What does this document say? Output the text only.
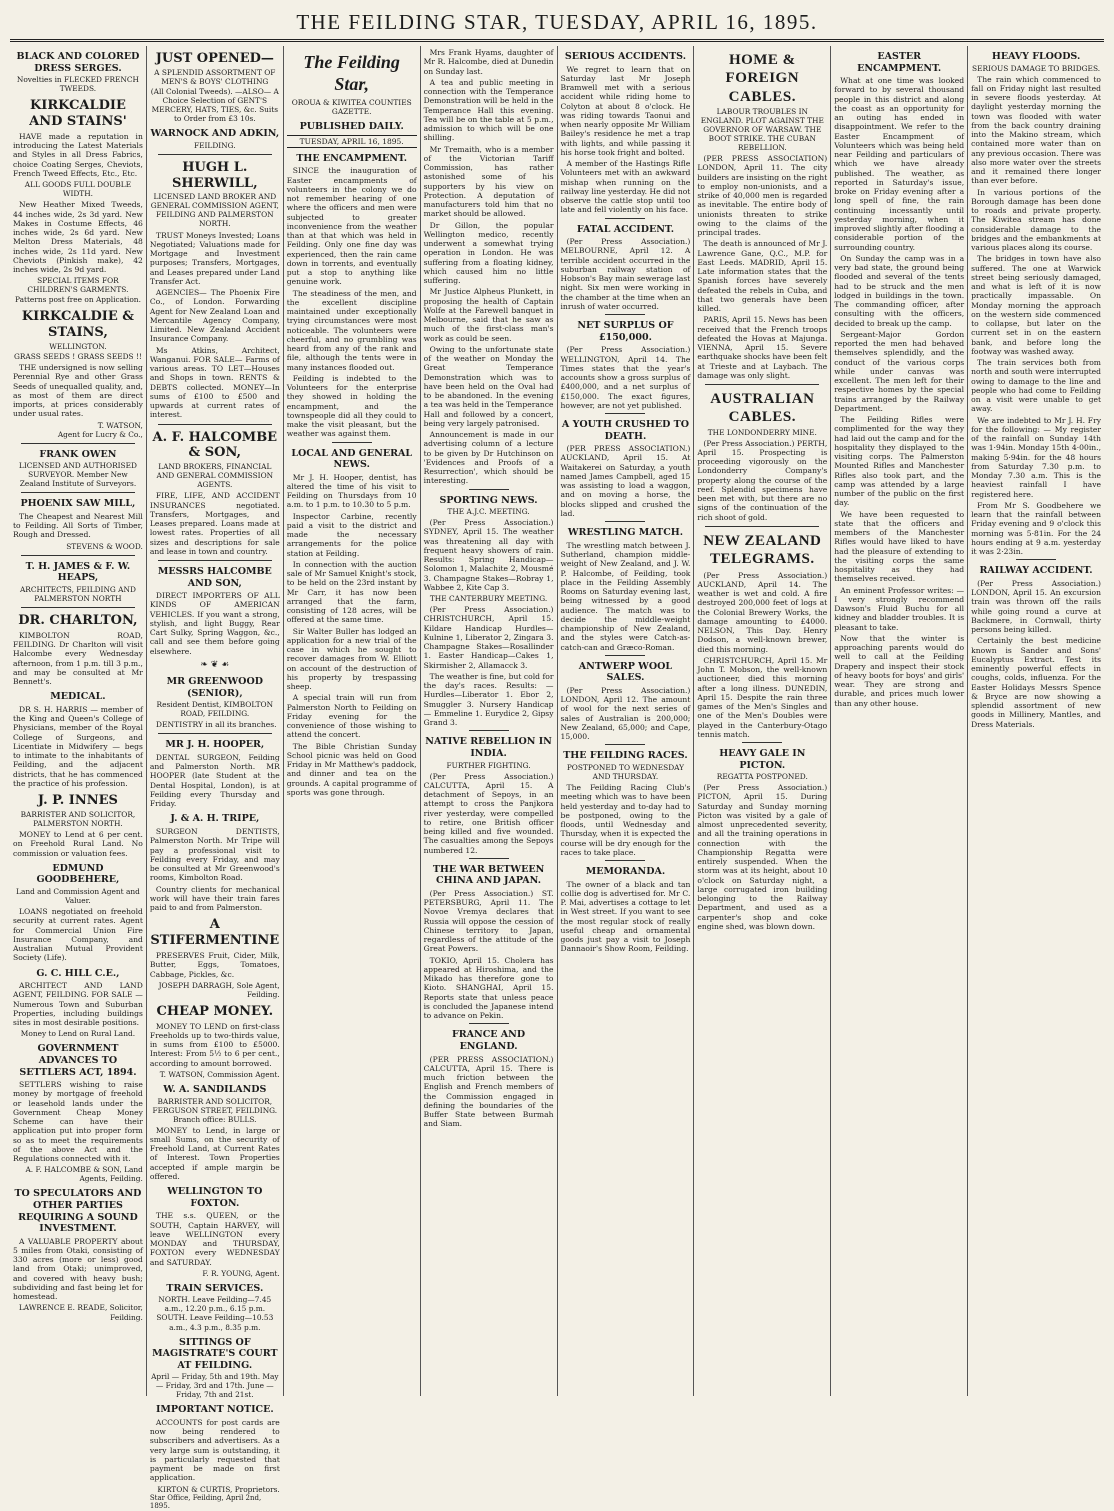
THE FEILDING STAR, TUESDAY, APRIL 16, 1895.
BLACK AND COLORED DRESS SERGES.
Novelties in FLECKED FRENCH TWEEDS.
KIRKCALDIE AND STAINS'

HAVE made a reputation in introducing the Latest Materials and Styles in all Dress Fabrics, choice Coating Serges, Cheviots, French Tweed Effects, Etc., Etc.

ALL GOODS FULL DOUBLE WIDTH.

New Heather Mixed Tweeds, 44 inches wide, 2s 3d yard. New Makes in Costume Effects, 46 inches wide, 2s 6d yard. New Melton Dress Materials, 48 inches wide, 2s 11d yard. New Cheviots (Pinkish make), 42 inches wide, 2s 9d yard.

SPECIAL ITEMS FOR CHILDREN'S GARMENTS.
Patterns post free on Application.
KIRKCALDIE & STAINS,
WELLINGTON.
GRASS SEEDS ! GRASS SEEDS !!

THE undersigned is now selling Perennial Rye and other Grass Seeds of unequalled quality, and, as most of them are direct imports, at prices considerably under usual rates.

T. WATSON,
Agent for Lucry & Co.,
FRANK OWEN
LICENSED AND AUTHORISED SURVEYOR. Member New Zealand Institute of Surveyors.
PHOENIX SAW MILL,

The Cheapest and Nearest Mill to Feilding. All Sorts of Timber, Rough and Dressed.

STEVENS & WOOD.
T. H. JAMES & F. W. HEAPS,
ARCHITECTS, FEILDING AND PALMERSTON NORTH
DR. CHARLTON,

KIMBOLTON ROAD, FEILDING. Dr Charlton will visit Halcombe every Wednesday afternoon, from 1 p.m. till 3 p.m., and may be consulted at Mr Bennett's.

MEDICAL.

DR S. H. HARRIS — member of the King and Queen's College of Physicians, member of the Royal College of Surgeons, and Licentiate in Midwifery — begs to intimate to the inhabitants of Feilding, and the adjacent districts, that he has commenced the practice of his profession.

J. P. INNES
BARRISTER AND SOLICITOR, PALMERSTON NORTH.

MONEY to Lend at 6 per cent. on Freehold Rural Land. No commission or valuation fees.

EDMUND GOODBEHERE,
Land and Commission Agent and Valuer.

LOANS negotiated on freehold security at current rates. Agent for Commercial Union Fire Insurance Company, and Australian Mutual Provident Society (Life).

G. C. HILL C.E.,

ARCHITECT AND LAND AGENT, FEILDING. FOR SALE — Numerous Town and Suburban Properties, including buildings sites in most desirable positions.

Money to Lend on Rural Land.
GOVERNMENT ADVANCES TO SETTLERS ACT, 1894.

SETTLERS wishing to raise money by mortgage of freehold or leasehold lands under the Government Cheap Money Scheme can have their application put into proper form so as to meet the requirements of the above Act and the Regulations connected with it.

A. F. HALCOMBE & SON, Land Agents, Feilding.
TO SPECULATORS AND OTHER PARTIES REQUIRING A SOUND INVESTMENT.

A VALUABLE PROPERTY about 5 miles from Otaki, consisting of 330 acres (more or less) good land from Otaki; unimproved, and covered with heavy bush; subdividing and fast being let for homestead.

LAWRENCE E. READE, Solicitor, Feilding.
JUST OPENED—
A SPLENDID ASSORTMENT OF MEN'S & BOYS' CLOTHING
(All Colonial Tweeds). —ALSO— A Choice Selection of GENT'S MERCERY, HATS, TIES, &c. Suits to Order from £3 10s.
WARNOCK AND ADKIN,
FEILDING.
HUGH L. SHERWILL,
LICENSED LAND BROKER AND GENERAL COMMISSION AGENT, FEILDING AND PALMERSTON NORTH.

TRUST Moneys Invested; Loans Negotiated; Valuations made for Mortgage and Investment purposes; Transfers, Mortgages, and Leases prepared under Land Transfer Act.

AGENCIES— The Phoenix Fire Co., of London. Forwarding Agent for New Zealand Loan and Mercantile Agency Company, Limited. New Zealand Accident Insurance Company.

Ms Atkins, Architect, Wanganui. FOR SALE— Farms of various areas. TO LET—Houses and Shops in town. RENTS & DEBTS collected. MONEY—In sums of £100 to £500 and upwards at current rates of interest.

A. F. HALCOMBE & SON,
LAND BROKERS, FINANCIAL AND GENERAL COMMISSION AGENTS.

FIRE, LIFE, AND ACCIDENT INSURANCES negotiated. Transfers, Mortgages, and Leases prepared. Loans made at lowest rates. Properties of all sizes and descriptions for sale and lease in town and country.

MESSRS HALCOMBE AND SON,

DIRECT IMPORTERS OF ALL KINDS OF AMERICAN VEHICLES. If you want a strong, stylish, and light Buggy, Rear Cart Sulky, Spring Waggon, &c., call and see them before going elsewhere.

❧ ❦ ☙
MR GREENWOOD (SENIOR),
Resident Dentist, KIMBOLTON ROAD, FEILDING.

DENTISTRY in all its branches.

MR J. H. HOOPER,

DENTAL SURGEON, Feilding and Palmerston North. MR HOOPER (late Student at the Dental Hospital, London), is at Feilding every Thursday and Friday.

J. & A. H. TRIPE,

SURGEON DENTISTS, Palmerston North. Mr Tripe will pay a professional visit to Feilding every Friday, and may be consulted at Mr Greenwood's rooms, Kimbolton Road.

Country clients for mechanical work will have their train fares paid to and from Palmerston.

A STIFERMENTINE

PRESERVES Fruit, Cider, Milk, Butter, Eggs, Tomatoes, Cabbage, Pickles, &c.

JOSEPH DARRAGH, Sole Agent, Feilding.
CHEAP MONEY.

MONEY TO LEND on first-class Freeholds up to two-thirds value, in sums from £100 to £5000. Interest: From 5½ to 6 per cent., according to amount borrowed.

T. WATSON, Commission Agent.
W. A. SANDILANDS
BARRISTER AND SOLICITOR, FERGUSON STREET, FEILDING. Branch office: BULLS.

MONEY to Lend, in large or small Sums, on the security of Freehold Land, at Current Rates of Interest. Town Properties accepted if ample margin be offered.

WELLINGTON TO FOXTON.

THE s.s. QUEEN, or the SOUTH, Captain HARVEY, will leave WELLINGTON every MONDAY and THURSDAY, FOXTON every WEDNESDAY and SATURDAY.

F. R. YOUNG, Agent.
TRAIN SERVICES.
NORTH. Leave Feilding—7.45 a.m., 12.20 p.m., 6.15 p.m. SOUTH. Leave Feilding—10.53 a.m., 4.3 p.m., 8.35 p.m.
SITTINGS OF MAGISTRATE'S COURT AT FEILDING.
April — Friday, 5th and 19th. May — Friday, 3rd and 17th. June — Friday, 7th and 21st.
IMPORTANT NOTICE.

ACCOUNTS for post cards are now being rendered to subscribers and advertisers. As a very large sum is outstanding, it is particularly requested that payment be made on first application.

KIRTON & CURTIS, Proprietors.
Star Office, Feilding, April 2nd, 1895.
The Feilding Star,
OROUA & KIWITEA COUNTIES GAZETTE.
PUBLISHED DAILY.
TUESDAY, APRIL 16, 1895.
THE ENCAMPMENT.

SINCE the inauguration of Easter encampments of volunteers in the colony we do not remember hearing of one where the officers and men were subjected to greater inconvenience from the weather than at that which was held in Feilding. Only one fine day was experienced, then the rain came down in torrents, and eventually put a stop to anything like genuine work.

The steadiness of the men, and the excellent discipline maintained under exceptionally trying circumstances were most noticeable. The volunteers were cheerful, and no grumbling was heard from any of the rank and file, although the tents were in many instances flooded out.

Feilding is indebted to the Volunteers for the enterprise they showed in holding the encampment, and the townspeople did all they could to make the visit pleasant, but the weather was against them.

LOCAL AND GENERAL NEWS.

Mr J. H. Hooper, dentist, has altered the time of his visit to Feilding on Thursdays from 10 a.m. to 1 p.m. to 10.30 to 5 p.m.

Inspector Carbine, recently paid a visit to the district and made the necessary arrangements for the police station at Feilding.

In connection with the auction sale of Mr Samuel Knight's stock, to be held on the 23rd instant by Mr Carr, it has now been arranged that the farm, consisting of 128 acres, will be offered at the same time.

Sir Walter Buller has lodged an application for a new trial of the case in which he sought to recover damages from W. Elliott on account of the destruction of his property by trespassing sheep.

A special train will run from Palmerston North to Feilding on Friday evening for the convenience of those wishing to attend the concert.

The Bible Christian Sunday School picnic was held on Good Friday in Mr Matthew's paddock, and dinner and tea on the grounds. A capital programme of sports was gone through.

Mrs Frank Hyams, daughter of Mr R. Halcombe, died at Dunedin on Sunday last.

A tea and public meeting in connection with the Temperance Demonstration will be held in the Temperance Hall this evening. Tea will be on the table at 5 p.m., admission to which will be one shilling.

Mr Tremaith, who is a member of the Victorian Tariff Commission, has rather astonished some of his supporters by his view on Protection. A deputation of manufacturers told him that no market should be allowed.

Dr Gillon, the popular Wellington medico, recently underwent a somewhat trying operation in London. He was suffering from a floating kidney, which caused him no little suffering.

Mr Justice Alpheus Plunkett, in proposing the health of Captain Wolfe at the Farewell banquet in Melbourne, said that he saw as much of the first-class man's work as could be seen.

Owing to the unfortunate state of the weather on Monday the Great Temperance Demonstration which was to have been held on the Oval had to be abandoned. In the evening a tea was held in the Temperance Hall and followed by a concert, being very largely patronised.

Announcement is made in our advertising column of a lecture to be given by Dr Hutchinson on 'Evidences and Proofs of a Resurrection', which should be interesting.

SPORTING NEWS.
THE A.J.C. MEETING.

(Per Press Association.) SYDNEY, April 15. The weather was threatening all day with frequent heavy showers of rain. Results: Spring Handicap—Solomon 1, Malachite 2, Mousmé 3. Champagne Stakes—Robray 1, Wabbee 2, Kite Cap 3.

THE CANTERBURY MEETING.

(Per Press Association.) CHRISTCHURCH, April 15. Kildare Handicap Hurdles—Kulnine 1, Liberator 2, Zingara 3. Champagne Stakes—Rosallinder 1. Easter Handicap—Cakes 1, Skirmisher 2, Allamacck 3.

The weather is fine, but cold for the day's races. Results: — Hurdles—Liberator 1. Ebor 2, Smuggler 3. Nursery Handicap — Emmeline 1. Eurydice 2, Gipsy Grand 3.

NATIVE REBELLION IN INDIA.
FURTHER FIGHTING.

(Per Press Association.) CALCUTTA, April 15. A detachment of Sepoys, in an attempt to cross the Panjkora river yesterday, were compelled to retire, one British officer being killed and five wounded. The casualties among the Sepoys numbered 12.

THE WAR BETWEEN CHINA AND JAPAN.

(Per Press Association.) ST. PETERSBURG, April 11. The Novoe Vremya declares that Russia will oppose the cession of Chinese territory to Japan, regardless of the attitude of the Great Powers.

TOKIO, April 15. Cholera has appeared at Hiroshima, and the Mikado has therefore gone to Kioto. SHANGHAI, April 15. Reports state that unless peace is concluded the Japanese intend to advance on Pekin.

FRANCE AND ENGLAND.

(PER PRESS ASSOCIATION.) CALCUTTA, April 15. There is much friction between the English and French members of the Commission engaged in defining the boundaries of the Buffer State between Burmah and Siam.

SERIOUS ACCIDENTS.

We regret to learn that on Saturday last Mr Joseph Bramwell met with a serious accident while riding home to Colyton at about 8 o'clock. He was riding towards Taonui and when nearly opposite Mr William Bailey's residence he met a trap with lights, and while passing it his horse took fright and bolted.

A member of the Hastings Rifle Volunteers met with an awkward mishap when running on the railway line yesterday. He did not observe the cattle stop until too late and fell violently on his face.

FATAL ACCIDENT.

(Per Press Association.) MELBOURNE, April 12. A terrible accident occurred in the suburban railway station of Hobson's Bay main sewerage last night. Six men were working in the chamber at the time when an inrush of water occurred.

NET SURPLUS OF £150,000.

(Per Press Association.) WELLINGTON, April 14. The Times states that the year's accounts show a gross surplus of £400,000, and a net surplus of £150,000. The exact figures, however, are not yet published.

A YOUTH CRUSHED TO DEATH.

(PER PRESS ASSOCIATION.) AUCKLAND, April 15. At Waitakerei on Saturday, a youth named James Campbell, aged 15 was assisting to load a waggon, and on moving a horse, the blocks slipped and crushed the lad.

WRESTLING MATCH.

The wrestling match between J. Sutherland, champion middle-weight of New Zealand, and J. W. P. Halcombe, of Feilding, took place in the Feilding Assembly Rooms on Saturday evening last, being witnessed by a good audience. The match was to decide the middle-weight championship of New Zealand, and the styles were Catch-as-catch-can and Græco-Roman.

ANTWERP WOOL SALES.

(Per Press Association.) LONDON, April 12. The amount of wool for the next series of sales of Australian is 200,000; New Zealand, 65,000; and Cape, 15,000.

THE FEILDING RACES.
POSTPONED TO WEDNESDAY AND THURSDAY.

The Feilding Racing Club's meeting which was to have been held yesterday and to-day had to be postponed, owing to the floods, until Wednesday and Thursday, when it is expected the course will be dry enough for the races to take place.

MEMORANDA.

The owner of a black and tan collie dog is advertised for. Mr C. P. Mai, advertises a cottage to let in West street. If you want to see the most regular stock of really useful cheap and ornamental goods just pay a visit to Joseph Dannaoir's Show Room, Feilding.

HOME & FOREIGN CABLES.
LABOUR TROUBLES IN ENGLAND. PLOT AGAINST THE GOVERNOR OF WARSAW. THE BOOT STRIKE. THE CUBAN REBELLION.

(PER PRESS ASSOCIATION) LONDON, April 11. The city builders are insisting on the right to employ non-unionists, and a strike of 40,000 men is regarded as inevitable. The entire body of unionists threaten to strike owing to the claims of the principal trades.

The death is announced of Mr J. Lawrence Gane, Q.C., M.P. for East Leeds. MADRID, April 15. Late information states that the Spanish forces have severely defeated the rebels in Cuba, and that two generals have been killed.

PARIS, April 15. News has been received that the French troops defeated the Hovas at Majunga. VIENNA, April 15. Severe earthquake shocks have been felt at Trieste and at Laybach. The damage was only slight.

AUSTRALIAN CABLES.
THE LONDONDERRY MINE.

(Per Press Association.) PERTH, April 15. Prospecting is proceeding vigorously on the Londonderry Company's property along the course of the reef. Splendid specimens have been met with, but there are no signs of the continuation of the rich shoot of gold.

NEW ZEALAND TELEGRAMS.

(Per Press Association.) AUCKLAND, April 14. The weather is wet and cold. A fire destroyed 200,000 feet of logs at the Colonial Brewery Works, the damage amounting to £4000. NELSON, This Day. Henry Dodson, a well-known brewer, died this morning.

CHRISTCHURCH, April 15. Mr John T. Mobson, the well-known auctioneer, died this morning after a long illness. DUNEDIN, April 15. Despite the rain three games of the Men's Singles and one of the Men's Doubles were played in the Canterbury-Otago tennis match.

HEAVY GALE IN PICTON.
REGATTA POSTPONED.

(Per Press Association.) PICTON, April 15. During Saturday and Sunday morning Picton was visited by a gale of almost unprecedented severity, and all the training operations in connection with the Championship Regatta were entirely suspended. When the storm was at its height, about 10 o'clock on Saturday night, a large corrugated iron building belonging to the Railway Department, and used as a carpenter's shop and coke engine shed, was blown down.

EASTER ENCAMPMENT.

What at one time was looked forward to by several thousand people in this district and along the coast as an opportunity for an outing has ended in disappointment. We refer to the Easter Encampment of Volunteers which was being held near Feilding and particulars of which we have already published. The weather, as reported in Saturday's issue, broke on Friday evening after a long spell of fine, the rain continuing incessantly until yesterday morning, when it improved slightly after flooding a considerable portion of the surrounding country.

On Sunday the camp was in a very bad state, the ground being flooded and several of the tents had to be struck and the men lodged in buildings in the town. The commanding officer, after consulting with the officers, decided to break up the camp.

Sergeant-Major Gordon reported the men had behaved themselves splendidly, and the conduct of the various corps while under canvas was excellent. The men left for their respective homes by the special trains arranged by the Railway Department.

The Feilding Rifles were complimented for the way they had laid out the camp and for the hospitality they displayed to the visiting corps. The Palmerston Mounted Rifles and Manchester Rifles also took part, and the camp was attended by a large number of the public on the first day.

We have been requested to state that the officers and members of the Manchester Rifles would have liked to have had the pleasure of extending to the visiting corps the same hospitality as they had themselves received.

An eminent Professor writes: — I very strongly recommend Dawson's Fluid Buchu for all kidney and bladder troubles. It is pleasant to take.

Now that the winter is approaching parents would do well to call at the Feilding Drapery and inspect their stock of heavy boots for boys' and girls' wear. They are strong and durable, and prices much lower than any other house.

HEAVY FLOODS.
SERIOUS DAMAGE TO BRIDGES.

The rain which commenced to fall on Friday night last resulted in severe floods yesterday. At daylight yesterday morning the town was flooded with water from the back country draining into the Makino stream, which contained more water than on any previous occasion. There was also more water over the streets and it remained there longer than ever before.

In various portions of the Borough damage has been done to roads and private property. The Kiwitea stream has done considerable damage to the bridges and the embankments at various places along its course.

The bridges in town have also suffered. The one at Warwick street being seriously damaged, and what is left of it is now practically impassable. On Monday morning the approach on the western side commenced to collapse, but later on the current set in on the eastern bank, and before long the footway was washed away.

The train services both from north and south were interrupted owing to damage to the line and people who had come to Feilding on a visit were unable to get away.

We are indebted to Mr J. H. Fry for the following: — My register of the rainfall on Sunday 14th was 1·94in. Monday 15th 4·00in., making 5·94in. for the 48 hours from Saturday 7.30 p.m. to Monday 7.30 a.m. This is the heaviest rainfall I have registered here.

From Mr S. Goodbehere we learn that the rainfall between Friday evening and 9 o'clock this morning was 5·81in. For the 24 hours ending at 9 a.m. yesterday it was 2·23in.

RAILWAY ACCIDENT.

(Per Press Association.) LONDON, April 15. An excursion train was thrown off the rails while going round a curve at Backmere, in Cornwall, thirty persons being killed.

Certainly the best medicine known is Sander and Sons' Eucalyptus Extract. Test its eminently powerful effects in coughs, colds, influenza. For the Easter Holidays Messrs Spence & Bryce are now showing a splendid assortment of new goods in Millinery, Mantles, and Dress Materials.
